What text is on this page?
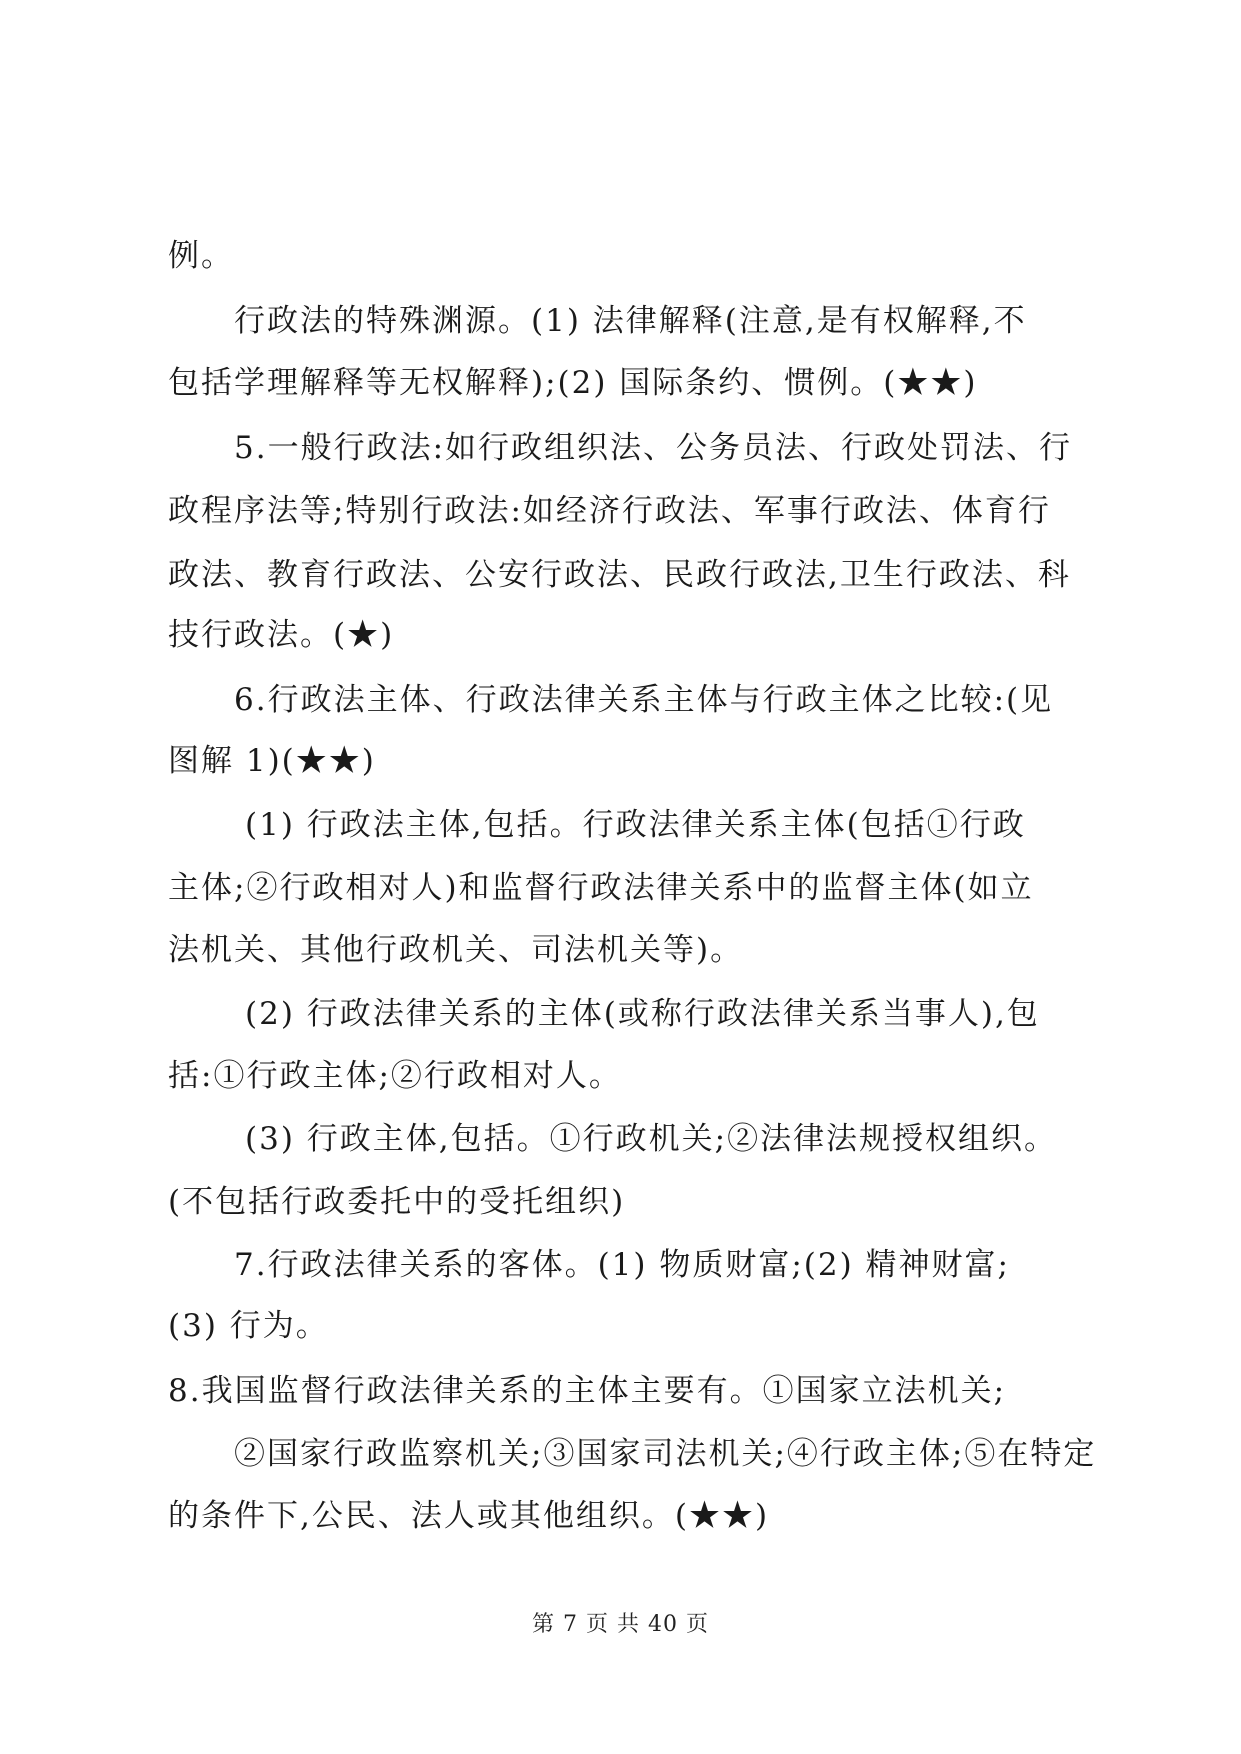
例。
行政法的特殊渊源。(1) 法律解释(注意,是有权解释,不
包括学理解释等无权解释);(2) 国际条约、惯例。(★★)
5.一般行政法:如行政组织法、公务员法、行政处罚法、行
政程序法等;特别行政法:如经济行政法、军事行政法、体育行
政法、教育行政法、公安行政法、民政行政法,卫生行政法、科
技行政法。(★)
6.行政法主体、行政法律关系主体与行政主体之比较:(见
图解 1)(★★)
(1) 行政法主体,包括。行政法律关系主体(包括①行政
主体;②行政相对人)和监督行政法律关系中的监督主体(如立
法机关、其他行政机关、司法机关等)。
(2) 行政法律关系的主体(或称行政法律关系当事人),包
括:①行政主体;②行政相对人。
(3) 行政主体,包括。①行政机关;②法律法规授权组织。
(不包括行政委托中的受托组织)
7.行政法律关系的客体。(1) 物质财富;(2) 精神财富;
(3) 行为。
8.我国监督行政法律关系的主体主要有。①国家立法机关;
②国家行政监察机关;③国家司法机关;④行政主体;⑤在特定
的条件下,公民、法人或其他组织。(★★)
第 7 页 共 40 页
